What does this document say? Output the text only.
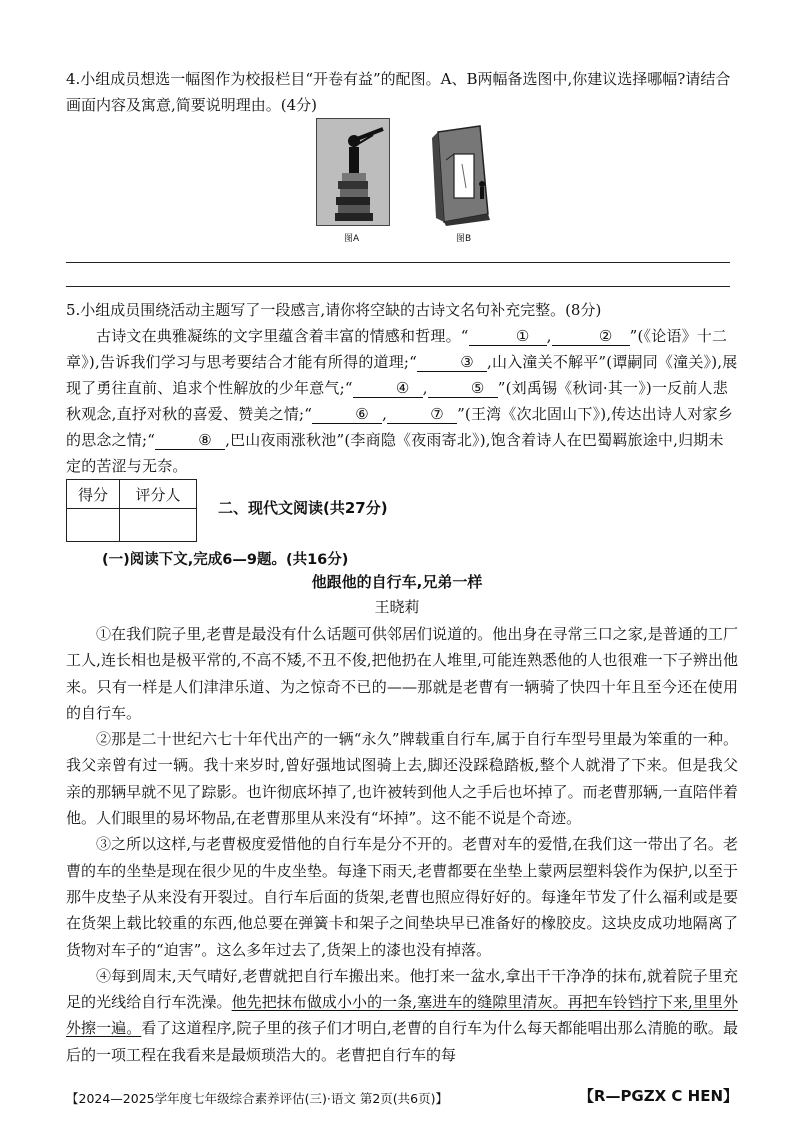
4.小组成员想选一幅图作为校报栏目“开卷有益”的配图。A、B两幅备选图中,你建议选择哪幅?请结合画面内容及寓意,简要说明理由。(4分)
图A	图B
5.小组成员围绕活动主题写了一段感言,请你将空缺的古诗文名句补充完整。(8分)
古诗文在典雅凝练的文字里蕴含着丰富的情感和哲理。“	① ,	② ”(《论语》十二章》),告诉我们学习与思考要结合才能有所得的道理;“	③ ,山入潼关不解平”(谭嗣同《潼关》),展现了勇往直前、追求个性解放的少年意气;“	④ ,	⑤ ”(刘禹锡《秋词·其一》)一反前人悲秋观念,直抒对秋的喜爱、赞美之情;“	⑥ ,	⑦ ”(王湾《次北固山下》),传达出诗人对家乡的思念之情;“	⑧ ,巴山夜雨涨秋池”(李商隐《夜雨寄北》),饱含着诗人在巴蜀羁旅途中,归期未定的苦涩与无奈。
得分	评分人

二、现代文阅读(共27分)
(一)阅读下文,完成6—9题。(共16分)
他跟他的自行车,兄弟一样
王晓莉

①在我们院子里,老曹是最没有什么话题可供邻居们说道的。他出身在寻常三口之家,是普通的工厂工人,连长相也是极平常的,不高不矮,不丑不俊,把他扔在人堆里,可能连熟悉他的人也很难一下子辨出他来。只有一样是人们津津乐道、为之惊奇不已的——那就是老曹有一辆骑了快四十年且至今还在使用的自行车。

②那是二十世纪六七十年代出产的一辆“永久”牌载重自行车,属于自行车型号里最为笨重的一种。我父亲曾有过一辆。我十来岁时,曾好强地试图骑上去,脚还没踩稳踏板,整个人就滑了下来。但是我父亲的那辆早就不见了踪影。也许彻底坏掉了,也许被转到他人之手后也坏掉了。而老曹那辆,一直陪伴着他。人们眼里的易坏物品,在老曹那里从来没有“坏掉”。这不能不说是个奇迹。

③之所以这样,与老曹极度爱惜他的自行车是分不开的。老曹对车的爱惜,在我们这一带出了名。老曹的车的坐垫是现在很少见的牛皮坐垫。每逢下雨天,老曹都要在坐垫上蒙两层塑料袋作为保护,以至于那牛皮垫子从来没有开裂过。自行车后面的货架,老曹也照应得好好的。每逢年节发了什么福利或是要在货架上载比较重的东西,他总要在弹簧卡和架子之间垫块早已准备好的橡胶皮。这块皮成功地隔离了货物对车子的“迫害”。这么多年过去了,货架上的漆也没有掉落。

④每到周末,天气晴好,老曹就把自行车搬出来。他打来一盆水,拿出干干净净的抹布,就着院子里充足的光线给自行车洗澡。他先把抹布做成小小的一条,塞进车的缝隙里清灰。再把车铃铛拧下来,里里外外擦一遍。看了这道程序,院子里的孩子们才明白,老曹的自行车为什么每天都能唱出那么清脆的歌。最后的一项工程在我看来是最烦琐浩大的。老曹把自行车的每

【2024—2025学年度七年级综合素养评估(三)·语文 第2页(共6页)】	【R—PGZX C HEN】
